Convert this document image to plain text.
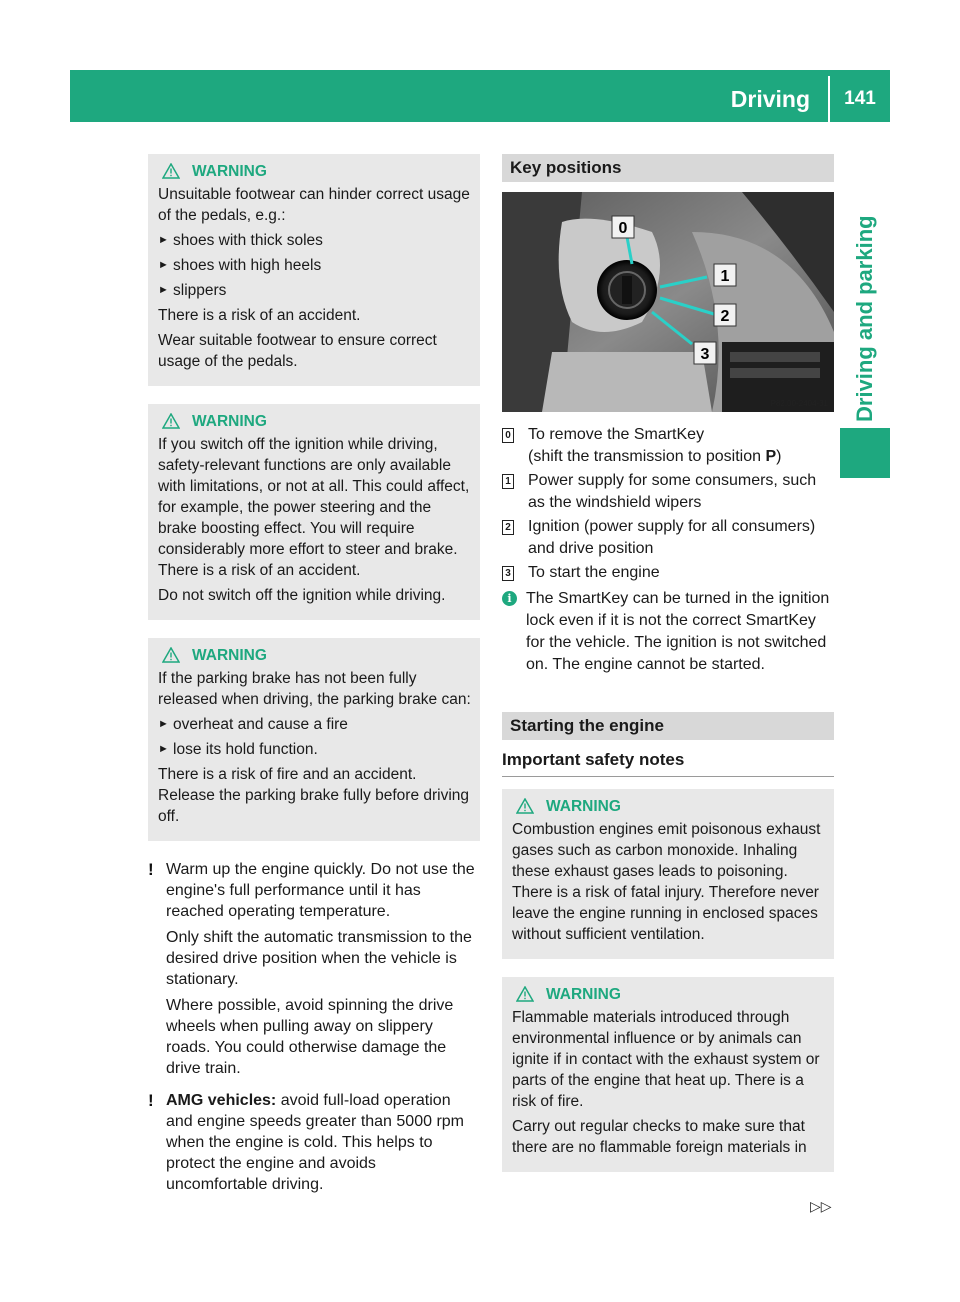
Driving	141
Driving and parking
WARNING

Unsuitable footwear can hinder correct usage of the pedals, e.g.:

► shoes with thick soles
► shoes with high heels
► slippers

There is a risk of an accident.

Wear suitable footwear to ensure correct usage of the pedals.

WARNING

If you switch off the ignition while driving, safety-relevant functions are only available with limitations, or not at all. This could affect, for example, the power steering and the brake boosting effect. You will require considerably more effort to steer and brake. There is a risk of an accident.

Do not switch off the ignition while driving.

WARNING

If the parking brake has not been fully released when driving, the parking brake can:

► overheat and cause a fire
► lose its hold function.

There is a risk of fire and an accident. Release the parking brake fully before driving off.

! Warm up the engine quickly. Do not use the engine's full performance until it has reached operating temperature.

Only shift the automatic transmission to the desired drive position when the vehicle is stationary.

Where possible, avoid spinning the drive wheels when pulling away on slippery roads. You could otherwise damage the drive train.

! AMG vehicles: avoid full-load operation and engine speeds greater than 5000 rpm when the engine is cold. This helps to protect the engine and avoids uncomfortable driving.

Key positions
0
1
2
3
P82.00-2404-31
0 To remove the SmartKey
(shift the transmission to position P)
1 Power supply for some consumers, such as the windshield wipers
2 Ignition (power supply for all consumers) and drive position
3 To start the engine
i The SmartKey can be turned in the ignition lock even if it is not the correct SmartKey for the vehicle. The ignition is not switched on. The engine cannot be started.
Starting the engine
Important safety notes
WARNING

Combustion engines emit poisonous exhaust gases such as carbon monoxide. Inhaling these exhaust gases leads to poisoning. There is a risk of fatal injury. Therefore never leave the engine running in enclosed spaces without sufficient ventilation.

WARNING

Flammable materials introduced through environmental influence or by animals can ignite if in contact with the exhaust system or parts of the engine that heat up. There is a risk of fire.

Carry out regular checks to make sure that there are no flammable foreign materials in

▷▷
